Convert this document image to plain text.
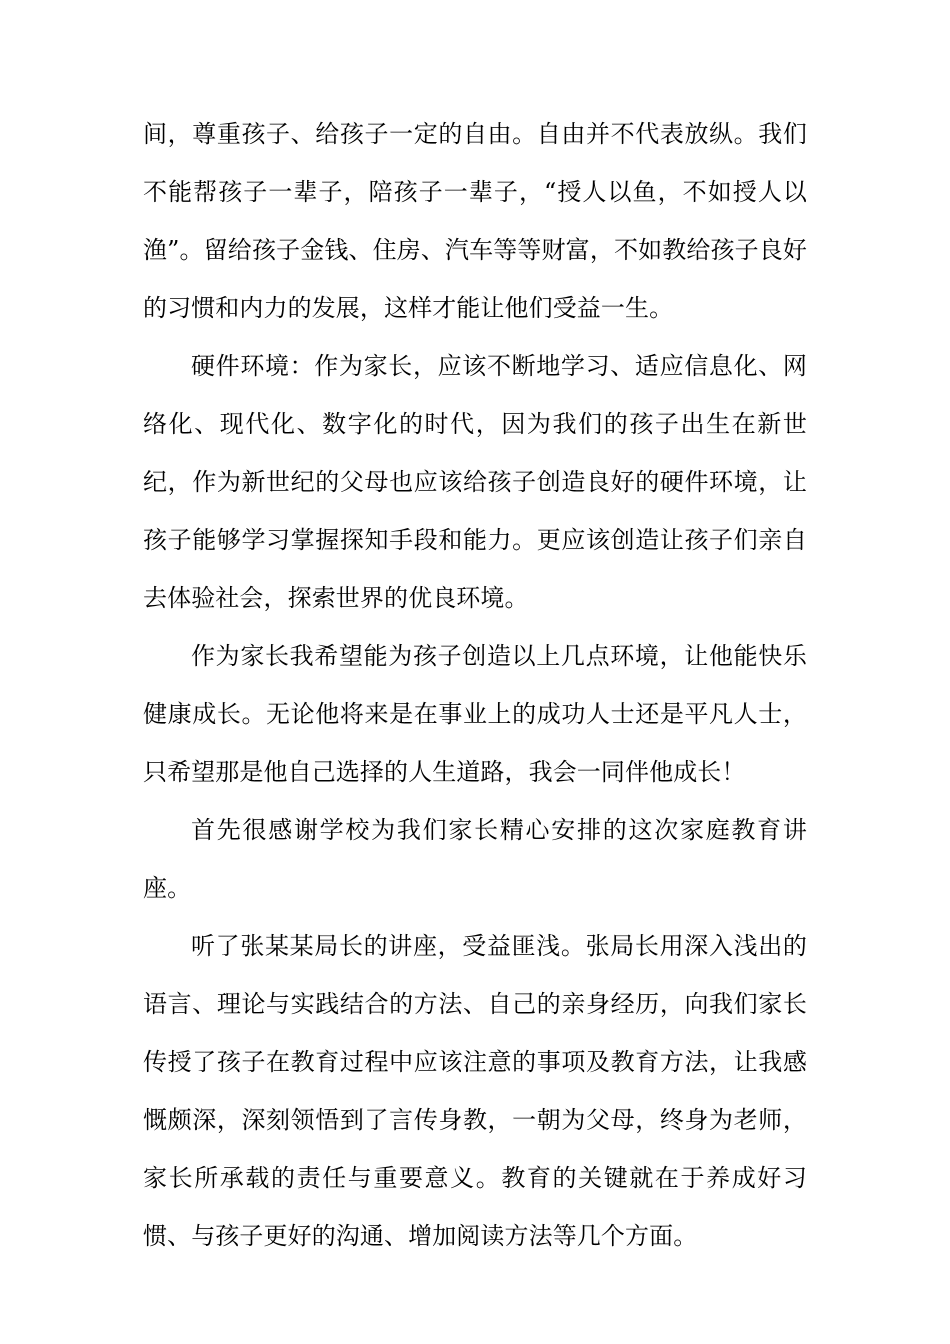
间，尊重孩子、给孩子一定的自由。自由并不代表放纵。我们不能帮孩子一辈子，陪孩子一辈子，“授人以鱼，不如授人以渔”。留给孩子金钱、住房、汽车等等财富，不如教给孩子良好的习惯和内力的发展，这样才能让他们受益一生。

硬件环境：作为家长，应该不断地学习、适应信息化、网络化、现代化、数字化的时代，因为我们的孩子出生在新世纪，作为新世纪的父母也应该给孩子创造良好的硬件环境，让孩子能够学习掌握探知手段和能力。更应该创造让孩子们亲自去体验社会，探索世界的优良环境。

作为家长我希望能为孩子创造以上几点环境，让他能快乐健康成长。无论他将来是在事业上的成功人士还是平凡人士，只希望那是他自己选择的人生道路，我会一同伴他成长！

首先很感谢学校为我们家长精心安排的这次家庭教育讲座。

听了张某某局长的讲座，受益匪浅。张局长用深入浅出的语言、理论与实践结合的方法、自己的亲身经历，向我们家长传授了孩子在教育过程中应该注意的事项及教育方法，让我感慨颇深，深刻领悟到了言传身教，一朝为父母，终身为老师，家长所承载的责任与重要意义。教育的关键就在于养成好习惯、与孩子更好的沟通、增加阅读方法等几个方面。
